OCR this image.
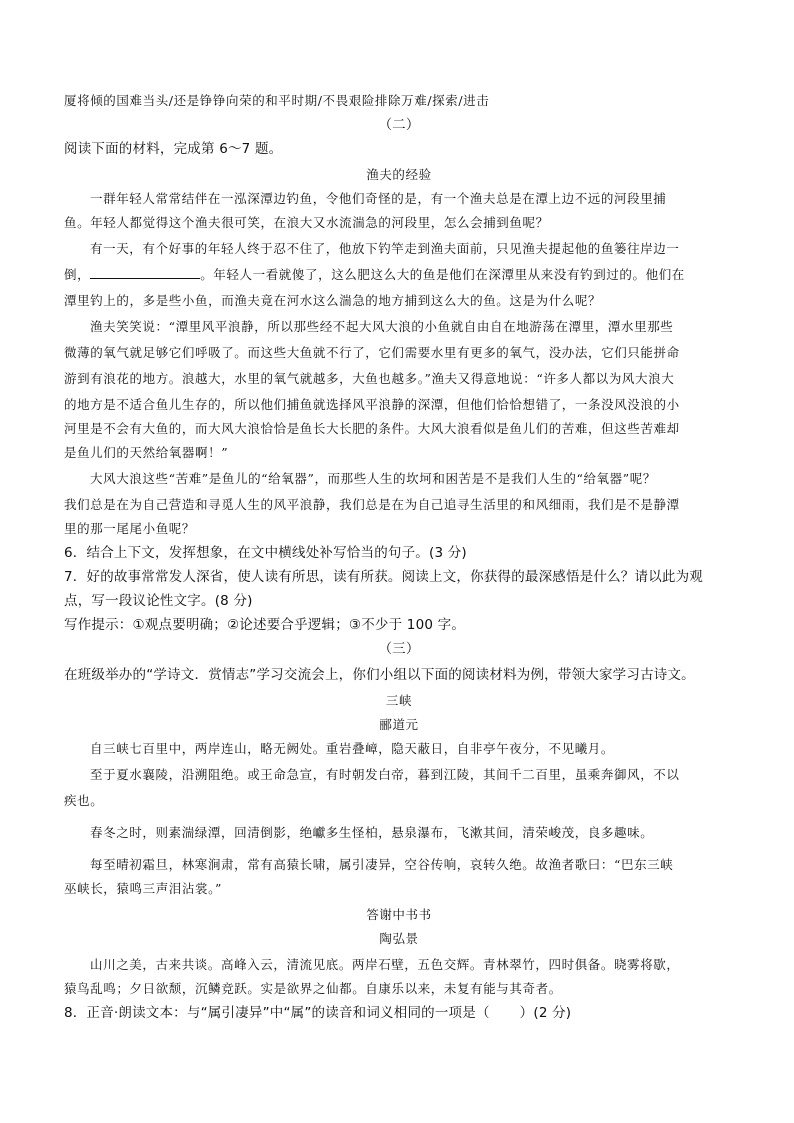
厦将倾的国难当头/还是铮铮向荣的和平时期/不畏艰险排除万难/探索/进击
（二）
阅读下面的材料，完成第 6～7 题。
渔夫的经验
一群年轻人常常结伴在一泓深潭边钓鱼，令他们奇怪的是，有一个渔夫总是在潭上边不远的河段里捕
鱼。年轻人都觉得这个渔夫很可笑，在浪大又水流湍急的河段里，怎么会捕到鱼呢？
有一天，有个好事的年轻人终于忍不住了，他放下钓竿走到渔夫面前，只见渔夫提起他的鱼篓往岸边一
倒，	。年轻人一看就傻了，这么肥这么大的鱼是他们在深潭里从来没有钓到过的。他们在
潭里钓上的，多是些小鱼，而渔夫竟在河水这么湍急的地方捕到这么大的鱼。这是为什么呢？
渔夫笑笑说：“潭里风平浪静，所以那些经不起大风大浪的小鱼就自由自在地游荡在潭里，潭水里那些
微薄的氧气就足够它们呼吸了。而这些大鱼就不行了，它们需要水里有更多的氧气，没办法，它们只能拼命
游到有浪花的地方。浪越大，水里的氧气就越多，大鱼也越多。”渔夫又得意地说：“许多人都以为风大浪大
的地方是不适合鱼儿生存的，所以他们捕鱼就选择风平浪静的深潭，但他们恰恰想错了，一条没风没浪的小
河里是不会有大鱼的，而大风大浪恰恰是鱼长大长肥的条件。大风大浪看似是鱼儿们的苦难，但这些苦难却
是鱼儿们的天然给氧器啊！”
大风大浪这些“苦难”是鱼儿的“给氧器”，而那些人生的坎坷和困苦是不是我们人生的“给氧器”呢？
我们总是在为自己营造和寻觅人生的风平浪静，我们总是在为自己追寻生活里的和风细雨，我们是不是静潭
里的那一尾尾小鱼呢？
6．结合上下文，发挥想象，在文中横线处补写恰当的句子。(3 分)
7．好的故事常常发人深省，使人读有所思，读有所获。阅读上文，你获得的最深感悟是什么？请以此为观
点，写一段议论性文字。(8 分)
写作提示：①观点要明确；②论述要合乎逻辑；③不少于 100 字。
（三）
在班级举办的“学诗文．赏情志”学习交流会上，你们小组以下面的阅读材料为例，带领大家学习古诗文。
三峡
郦道元
自三峡七百里中，两岸连山，略无阙处。重岩叠嶂，隐天蔽日，自非亭午夜分，不见曦月。
至于夏水襄陵，沿溯阻绝。或王命急宣，有时朝发白帝，暮到江陵，其间千二百里，虽乘奔御风，不以
疾也。
春冬之时，则素湍绿潭，回清倒影，绝巘多生怪柏，悬泉瀑布，飞漱其间，清荣峻茂，良多趣味。
每至晴初霜旦，林寒涧肃，常有高猿长啸，属引凄异，空谷传响，哀转久绝。故渔者歌曰：“巴东三峡
巫峡长，猿鸣三声泪沾裳。”
答谢中书书
陶弘景
山川之美，古来共谈。高峰入云，清流见底。两岸石壁，五色交辉。青林翠竹，四时俱备。晓雾将歇，
猿鸟乱鸣；夕日欲颓，沉鳞竞跃。实是欲界之仙都。自康乐以来，未复有能与其奇者。
8．正音·朗读文本：与“属引凄异”中“属”的读音和词义相同的一项是（ ）(2 分)
